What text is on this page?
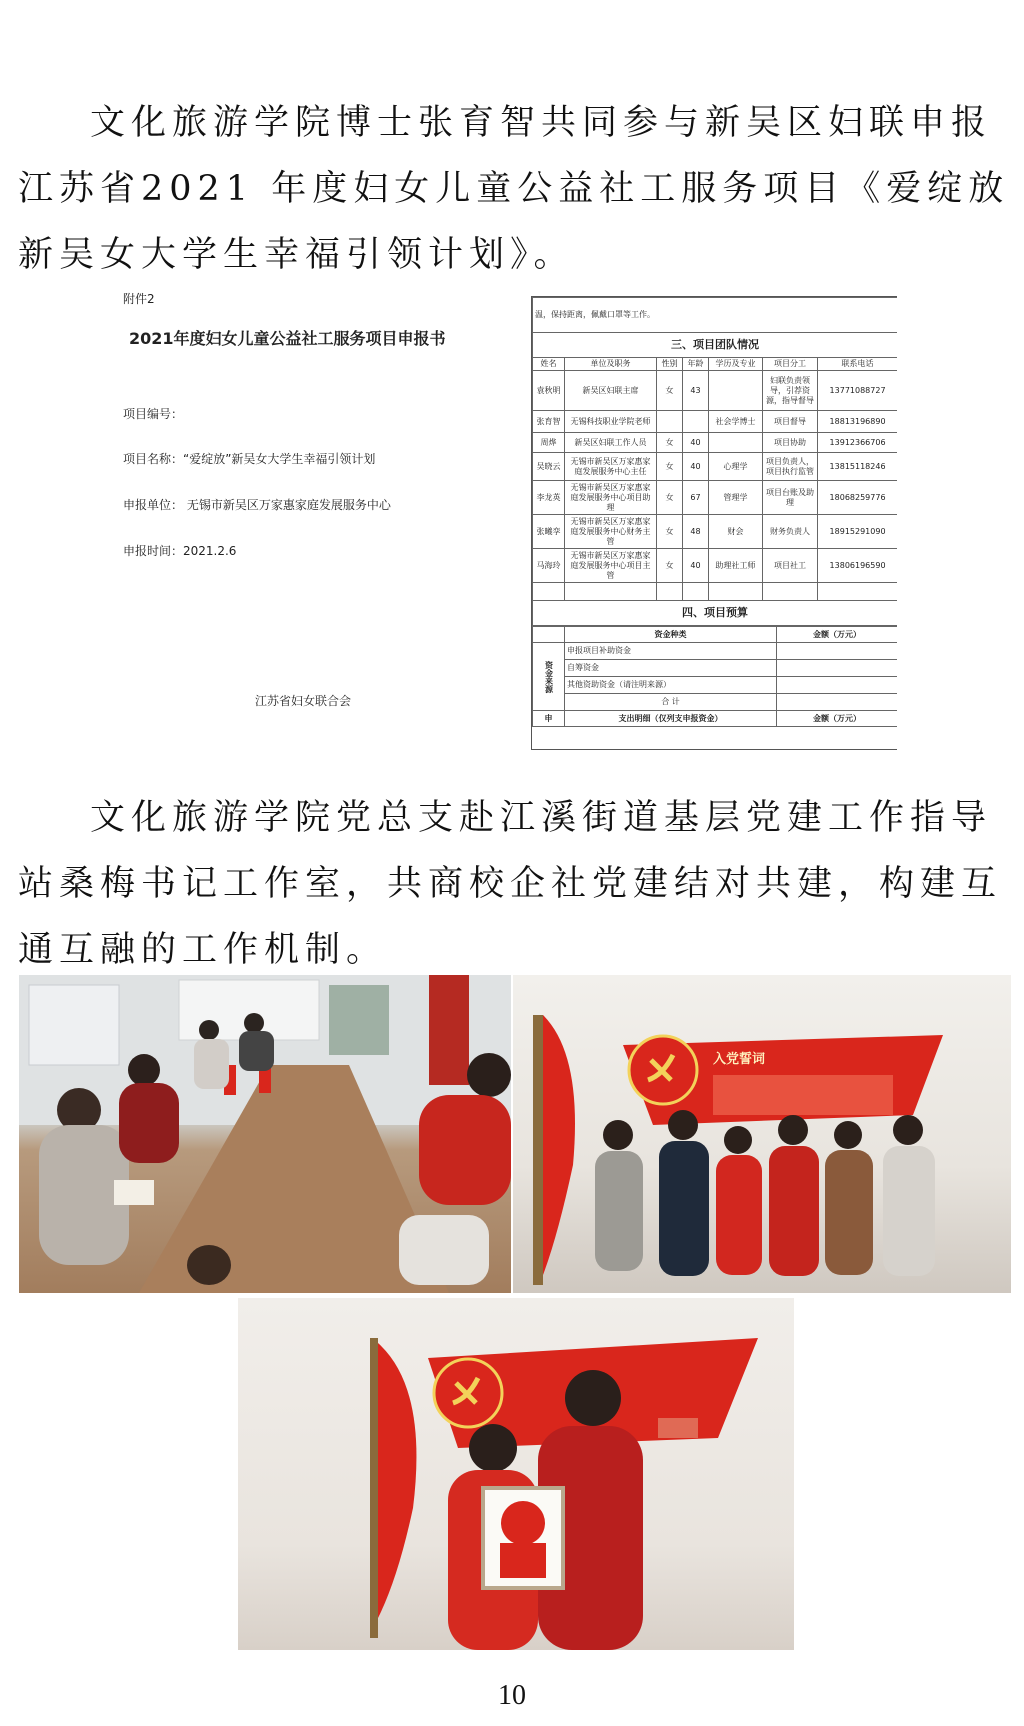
文化旅游学院博士张育智共同参与新吴区妇联申报江苏省2021 年度妇女儿童公益社工服务项目《爱绽放新吴女大学生幸福引领计划》。

附件2
2021年度妇女儿童公益社工服务项目申报书
项目编号：
项目名称：“爱绽放”新吴女大学生幸福引领计划
申报单位： 无锡市新吴区万家惠家庭发展服务中心
申报时间：2021.2.6
江苏省妇女联合会
温，保持距离，佩戴口罩等工作。						
三、项目团队情况						
姓名	单位及职务	性别	年龄	学历及专业	项目分工	联系电话
袁秋明	新吴区妇联主席	女	43		妇联负责领导，引荐资源，指导督导	13771088727
张育智	无锡科技职业学院老师			社会学博士	项目督导	18813196890
周烨	新吴区妇联工作人员	女	40		项目协助	13912366706
吴晓云	无锡市新吴区万家惠家庭发展服务中心主任	女	40	心理学	项目负责人，项目执行监管	13815118246
李龙英	无锡市新吴区万家惠家庭发展服务中心项目助理	女	67	管理学	项目台账及助理	18068259776
张曦孪	无锡市新吴区万家惠家庭发展服务中心财务主管	女	48	财会	财务负责人	18915291090
马海玲	无锡市新吴区万家惠家庭发展服务中心项目主管	女	40	助理社工师	项目社工	13806196590

四、项目预算						
	资金种类	金额（万元）
资金来源	申报项目补助资金	
	自筹资金	
	其他资助资金（请注明来源）	
	合 计	
申	支出明细（仅列支申报资金）	金额（万元）

文化旅游学院党总支赴江溪街道基层党建工作指导站桑梅书记工作室，共商校企社党建结对共建，构建互通互融的工作机制。

入党誓词
10
